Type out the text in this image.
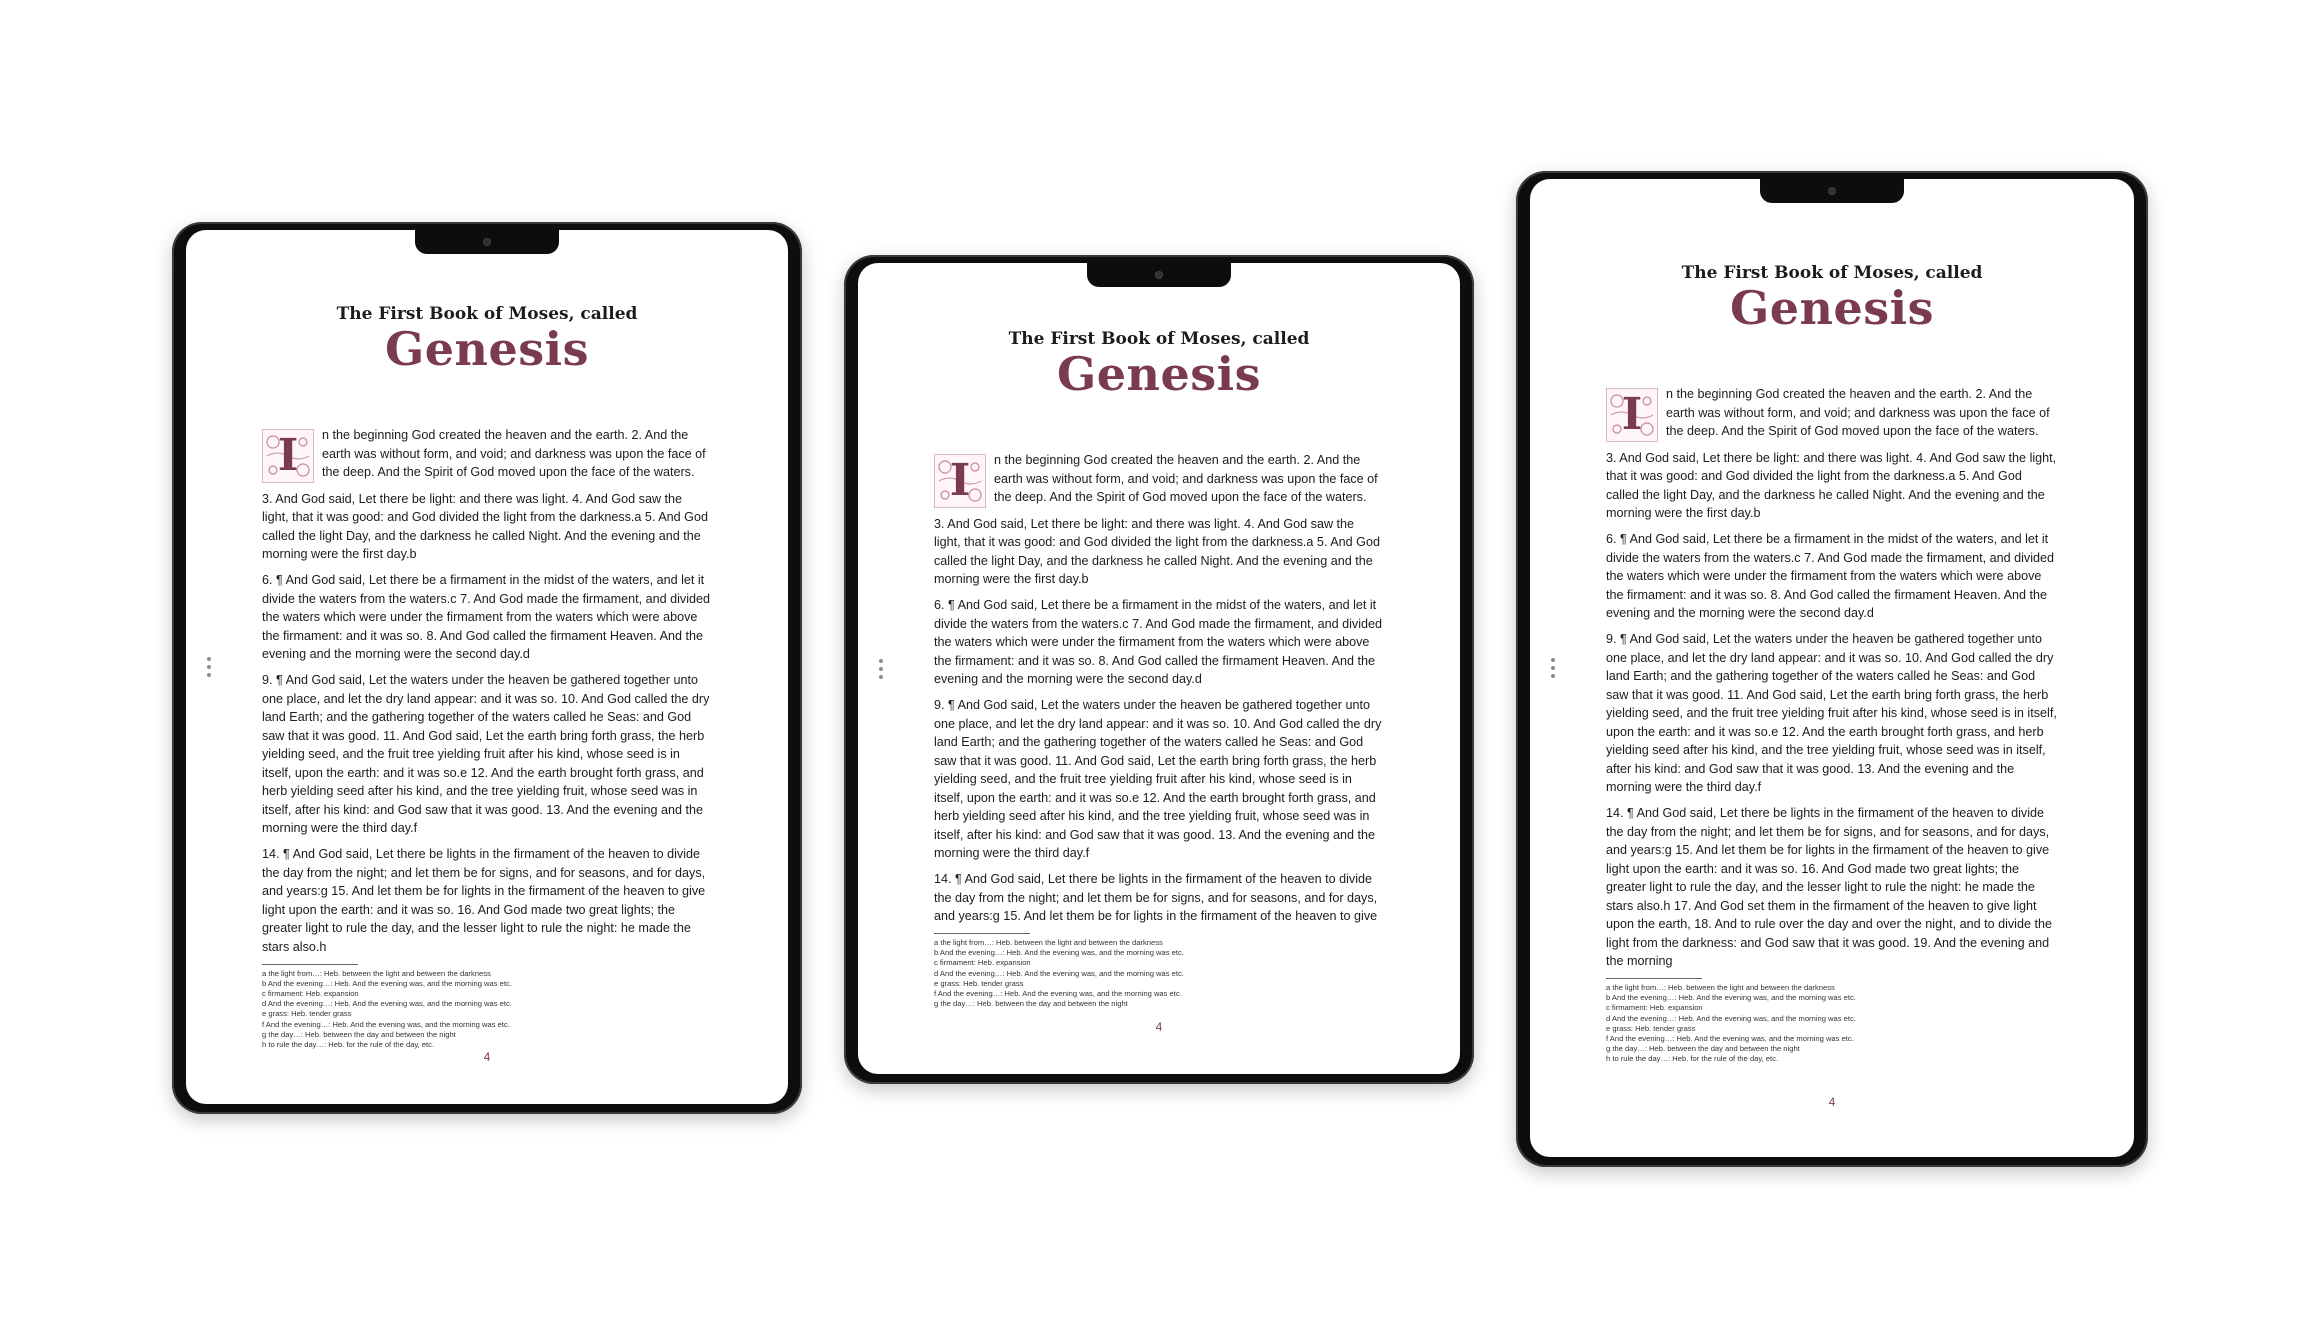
The First Book of Moses, called
Genesis

I	n the beginning God created the heaven and the earth. 2. And the earth was without form, and void; and darkness was upon the face of the deep. And the Spirit of God moved upon the face of the waters.

3. And God said, Let there be light: and there was light. 4. And God saw the light, that it was good: and God divided the light from the darkness.a 5. And God called the light Day, and the darkness he called Night. And the evening and the morning were the first day.b

6. ¶ And God said, Let there be a firmament in the midst of the waters, and let it divide the waters from the waters.c 7. And God made the firmament, and divided the waters which were under the firmament from the waters which were above the firmament: and it was so. 8. And God called the firmament Heaven. And the evening and the morning were the second day.d

9. ¶ And God said, Let the waters under the heaven be gathered together unto one place, and let the dry land appear: and it was so. 10. And God called the dry land Earth; and the gathering together of the waters called he Seas: and God saw that it was good. 11. And God said, Let the earth bring forth grass, the herb yielding seed, and the fruit tree yielding fruit after his kind, whose seed is in itself, upon the earth: and it was so.e 12. And the earth brought forth grass, and herb yielding seed after his kind, and the tree yielding fruit, whose seed was in itself, after his kind: and God saw that it was good. 13. And the evening and the morning were the third day.f

14. ¶ And God said, Let there be lights in the firmament of the heaven to divide the day from the night; and let them be for signs, and for seasons, and for days, and years:g 15. And let them be for lights in the firmament of the heaven to give light upon the earth: and it was so. 16. And God made two great lights; the greater light to rule the day, and the lesser light to rule the night: he made the stars also.h

a the light from…: Heb. between the light and between the darkness
b And the evening…: Heb. And the evening was, and the morning was etc.
c firmament: Heb. expansion
d And the evening…: Heb. And the evening was, and the morning was etc.
e grass: Heb. tender grass
f And the evening…: Heb. And the evening was, and the morning was etc.
g the day…: Heb. between the day and between the night
h to rule the day…: Heb. for the rule of the day, etc.
4
The First Book of Moses, called
Genesis

I	n the beginning God created the heaven and the earth. 2. And the earth was without form, and void; and darkness was upon the face of the deep. And the Spirit of God moved upon the face of the waters.

3. And God said, Let there be light: and there was light. 4. And God saw the light, that it was good: and God divided the light from the darkness.a 5. And God called the light Day, and the darkness he called Night. And the evening and the morning were the first day.b

6. ¶ And God said, Let there be a firmament in the midst of the waters, and let it divide the waters from the waters.c 7. And God made the firmament, and divided the waters which were under the firmament from the waters which were above the firmament: and it was so. 8. And God called the firmament Heaven. And the evening and the morning were the second day.d

9. ¶ And God said, Let the waters under the heaven be gathered together unto one place, and let the dry land appear: and it was so. 10. And God called the dry land Earth; and the gathering together of the waters called he Seas: and God saw that it was good. 11. And God said, Let the earth bring forth grass, the herb yielding seed, and the fruit tree yielding fruit after his kind, whose seed is in itself, upon the earth: and it was so.e 12. And the earth brought forth grass, and herb yielding seed after his kind, and the tree yielding fruit, whose seed was in itself, after his kind: and God saw that it was good. 13. And the evening and the morning were the third day.f

14. ¶ And God said, Let there be lights in the firmament of the heaven to divide the day from the night; and let them be for signs, and for seasons, and for days, and years:g 15. And let them be for lights in the firmament of the heaven to give

a the light from…: Heb. between the light and between the darkness
b And the evening…: Heb. And the evening was, and the morning was etc.
c firmament: Heb. expansion
d And the evening…: Heb. And the evening was, and the morning was etc.
e grass: Heb. tender grass
f And the evening…: Heb. And the evening was, and the morning was etc.
g the day…: Heb. between the day and between the night
4
The First Book of Moses, called
Genesis

I	n the beginning God created the heaven and the earth. 2. And the earth was without form, and void; and darkness was upon the face of the deep. And the Spirit of God moved upon the face of the waters.

3. And God said, Let there be light: and there was light. 4. And God saw the light, that it was good: and God divided the light from the darkness.a 5. And God called the light Day, and the darkness he called Night. And the evening and the morning were the first day.b

6. ¶ And God said, Let there be a firmament in the midst of the waters, and let it divide the waters from the waters.c 7. And God made the firmament, and divided the waters which were under the firmament from the waters which were above the firmament: and it was so. 8. And God called the firmament Heaven. And the evening and the morning were the second day.d

9. ¶ And God said, Let the waters under the heaven be gathered together unto one place, and let the dry land appear: and it was so. 10. And God called the dry land Earth; and the gathering together of the waters called he Seas: and God saw that it was good. 11. And God said, Let the earth bring forth grass, the herb yielding seed, and the fruit tree yielding fruit after his kind, whose seed is in itself, upon the earth: and it was so.e 12. And the earth brought forth grass, and herb yielding seed after his kind, and the tree yielding fruit, whose seed was in itself, after his kind: and God saw that it was good. 13. And the evening and the morning were the third day.f

14. ¶ And God said, Let there be lights in the firmament of the heaven to divide the day from the night; and let them be for signs, and for seasons, and for days, and years:g 15. And let them be for lights in the firmament of the heaven to give light upon the earth: and it was so. 16. And God made two great lights; the greater light to rule the day, and the lesser light to rule the night: he made the stars also.h 17. And God set them in the firmament of the heaven to give light upon the earth, 18. And to rule over the day and over the night, and to divide the light from the darkness: and God saw that it was good. 19. And the evening and the morning

a the light from…: Heb. between the light and between the darkness
b And the evening…: Heb. And the evening was, and the morning was etc.
c firmament: Heb. expansion
d And the evening…: Heb. And the evening was, and the morning was etc.
e grass: Heb. tender grass
f And the evening…: Heb. And the evening was, and the morning was etc.
g the day…: Heb. between the day and between the night
h to rule the day…: Heb. for the rule of the day, etc.
4
